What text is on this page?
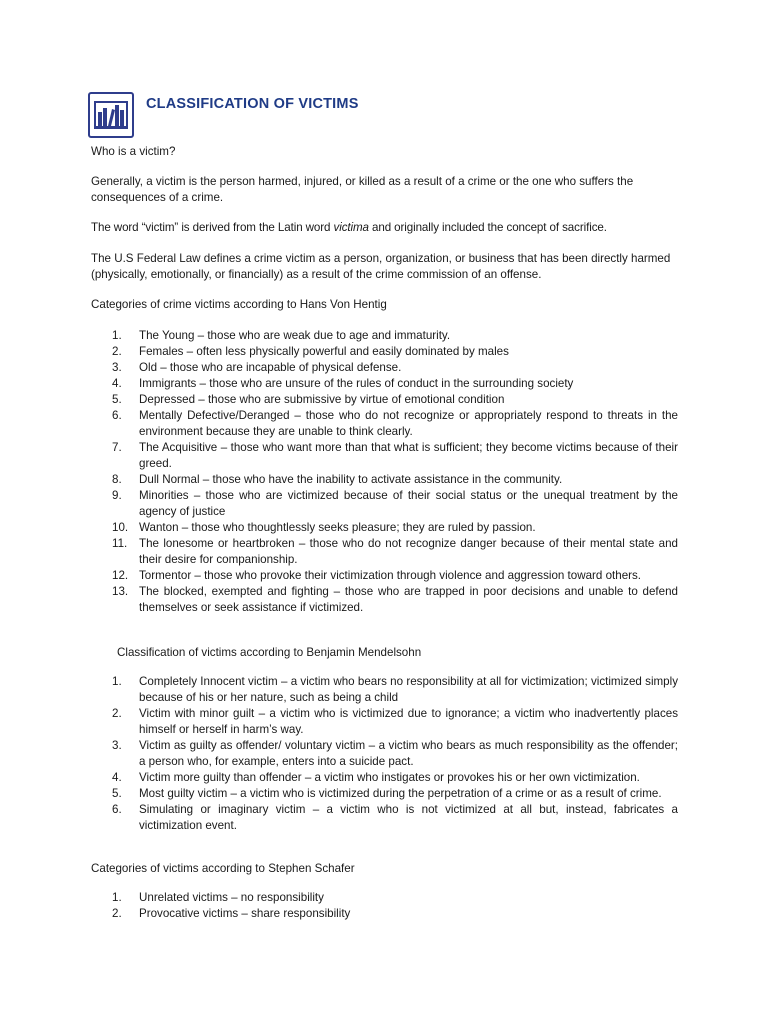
CLASSIFICATION OF VICTIMS
Who is a victim?
Generally, a victim is the person harmed, injured, or killed as a result of a crime or the one who suffers the consequences of a crime.
The word “victim” is derived from the Latin word victima and originally included the concept of sacrifice.
The U.S Federal Law defines a crime victim as a person, organization, or business that has been directly harmed (physically, emotionally, or financially) as a result of the crime commission of an offense.
Categories of crime victims according to Hans Von Hentig
1.	The Young – those who are weak due to age and immaturity.
2.	Females – often less physically powerful and easily dominated by males
3.	Old – those who are incapable of physical defense.
4.	Immigrants – those who are unsure of the rules of conduct in the surrounding society
5.	Depressed – those who are submissive by virtue of emotional condition
6.	Mentally Defective/Deranged – those who do not recognize or appropriately respond to threats in the environment because they are unable to think clearly.
7.	The Acquisitive – those who want more than that what is sufficient; they become victims because of their greed.
8.	Dull Normal – those who have the inability to activate assistance in the community.
9.	Minorities – those who are victimized because of their social status or the unequal treatment by the agency of justice
10. Wanton – those who thoughtlessly seeks pleasure; they are ruled by passion.
11.	The lonesome or heartbroken – those who do not recognize danger because of their mental state and their desire for companionship.
12. Tormentor – those who provoke their victimization through violence and aggression toward others.
13. The blocked, exempted and fighting – those who are trapped in poor decisions and unable to defend themselves or seek assistance if victimized.
Classification of victims according to Benjamin Mendelsohn
1.	Completely Innocent victim – a victim who bears no responsibility at all for victimization; victimized simply because of his or her nature, such as being a child
2.	Victim with minor guilt – a victim who is victimized due to ignorance; a victim who inadvertently places himself or herself in harm’s way.
3.	Victim as guilty as offender/ voluntary victim – a victim who bears as much responsibility as the offender; a person who, for example, enters into a suicide pact.
4.	Victim more guilty than offender – a victim who instigates or provokes his or her own victimization.
5.	Most guilty victim – a victim who is victimized during the perpetration of a crime or as a result of crime.
6.	Simulating or imaginary victim – a victim who is not victimized at all but, instead, fabricates a victimization event.
Categories of victims according to Stephen Schafer
1.	Unrelated victims – no responsibility
2.	Provocative victims – share responsibility
